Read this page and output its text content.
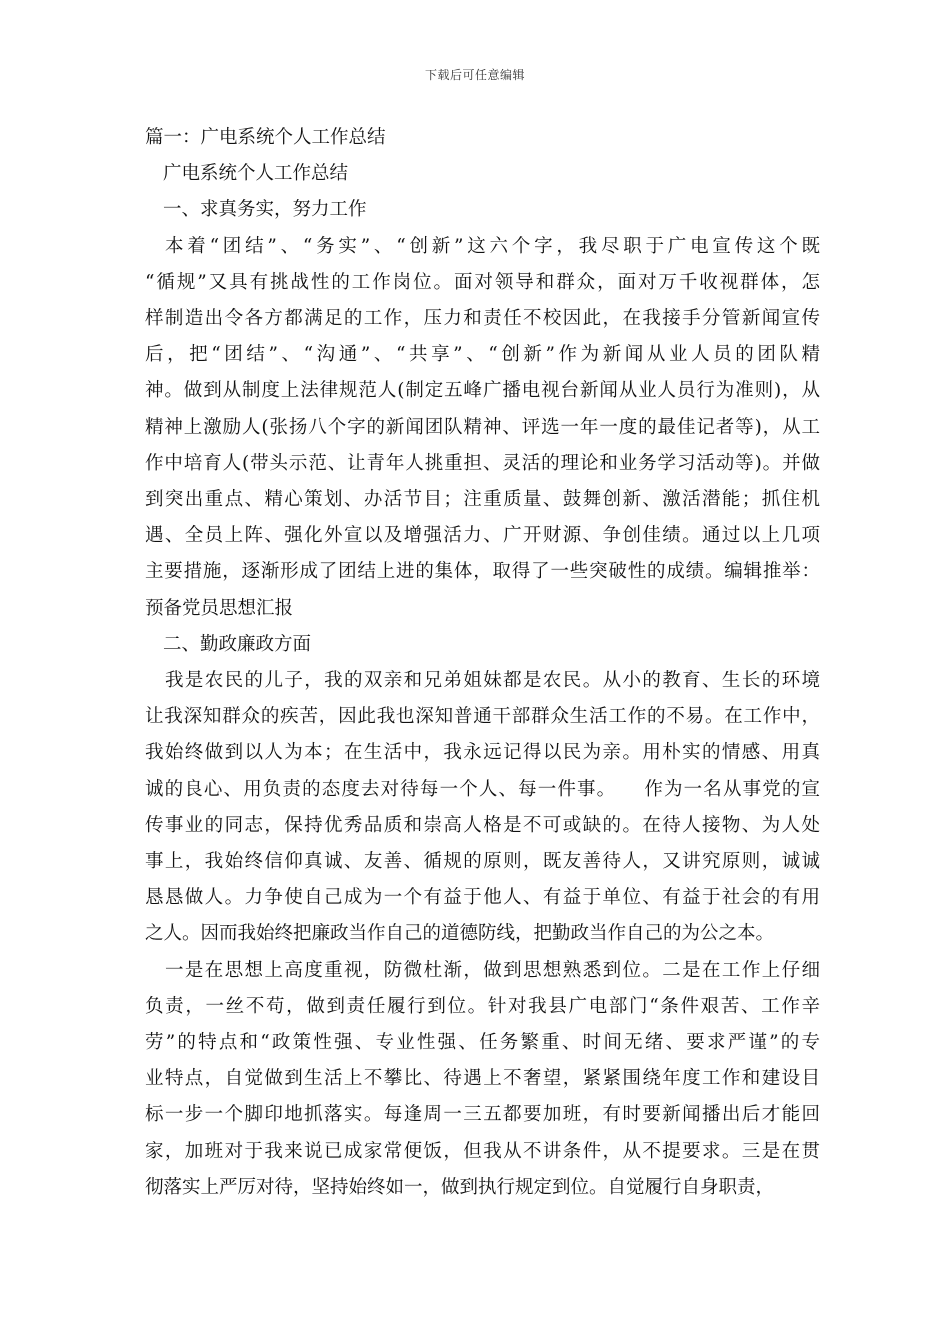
下载后可任意编辑
篇一：广电系统个人工作总结
广电系统个人工作总结
一、求真务实，努力工作
本着“团结”、“务实”、“创新”这六个字，我尽职于广电宣传这个既
“循规”又具有挑战性的工作岗位。面对领导和群众，面对万千收视群体，怎
样制造出令各方都满足的工作，压力和责任不校因此，在我接手分管新闻宣传
后，把“团结”、“沟通”、“共享”、“创新”作为新闻从业人员的团队精
神。做到从制度上法律规范人(制定五峰广播电视台新闻从业人员行为准则)，从
精神上激励人(张扬八个字的新闻团队精神、评选一年一度的最佳记者等)，从工
作中培育人(带头示范、让青年人挑重担、灵活的理论和业务学习活动等)。并做
到突出重点、精心策划、办活节目；注重质量、鼓舞创新、激活潜能；抓住机
遇、全员上阵、强化外宣以及增强活力、广开财源、争创佳绩。通过以上几项
主要措施，逐渐形成了团结上进的集体，取得了一些突破性的成绩。编辑推举：
预备党员思想汇报
二、勤政廉政方面
我是农民的儿子，我的双亲和兄弟姐妹都是农民。从小的教育、生长的环境
让我深知群众的疾苦，因此我也深知普通干部群众生活工作的不易。在工作中，
我始终做到以人为本；在生活中，我永远记得以民为亲。用朴实的情感、用真
诚的良心、用负责的态度去对待每一个人、每一件事。    作为一名从事党的宣
传事业的同志，保持优秀品质和崇高人格是不可或缺的。在待人接物、为人处
事上，我始终信仰真诚、友善、循规的原则，既友善待人，又讲究原则，诚诚
恳恳做人。力争使自己成为一个有益于他人、有益于单位、有益于社会的有用
之人。因而我始终把廉政当作自己的道德防线，把勤政当作自己的为公之本。
一是在思想上高度重视，防微杜渐，做到思想熟悉到位。二是在工作上仔细
负责，一丝不苟，做到责任履行到位。针对我县广电部门“条件艰苦、工作辛
劳”的特点和“政策性强、专业性强、任务繁重、时间无绪、要求严谨”的专
业特点，自觉做到生活上不攀比、待遇上不奢望，紧紧围绕年度工作和建设目
标一步一个脚印地抓落实。每逢周一三五都要加班，有时要新闻播出后才能回
家，加班对于我来说已成家常便饭，但我从不讲条件，从不提要求。三是在贯
彻落实上严厉对待，坚持始终如一，做到执行规定到位。自觉履行自身职责，
